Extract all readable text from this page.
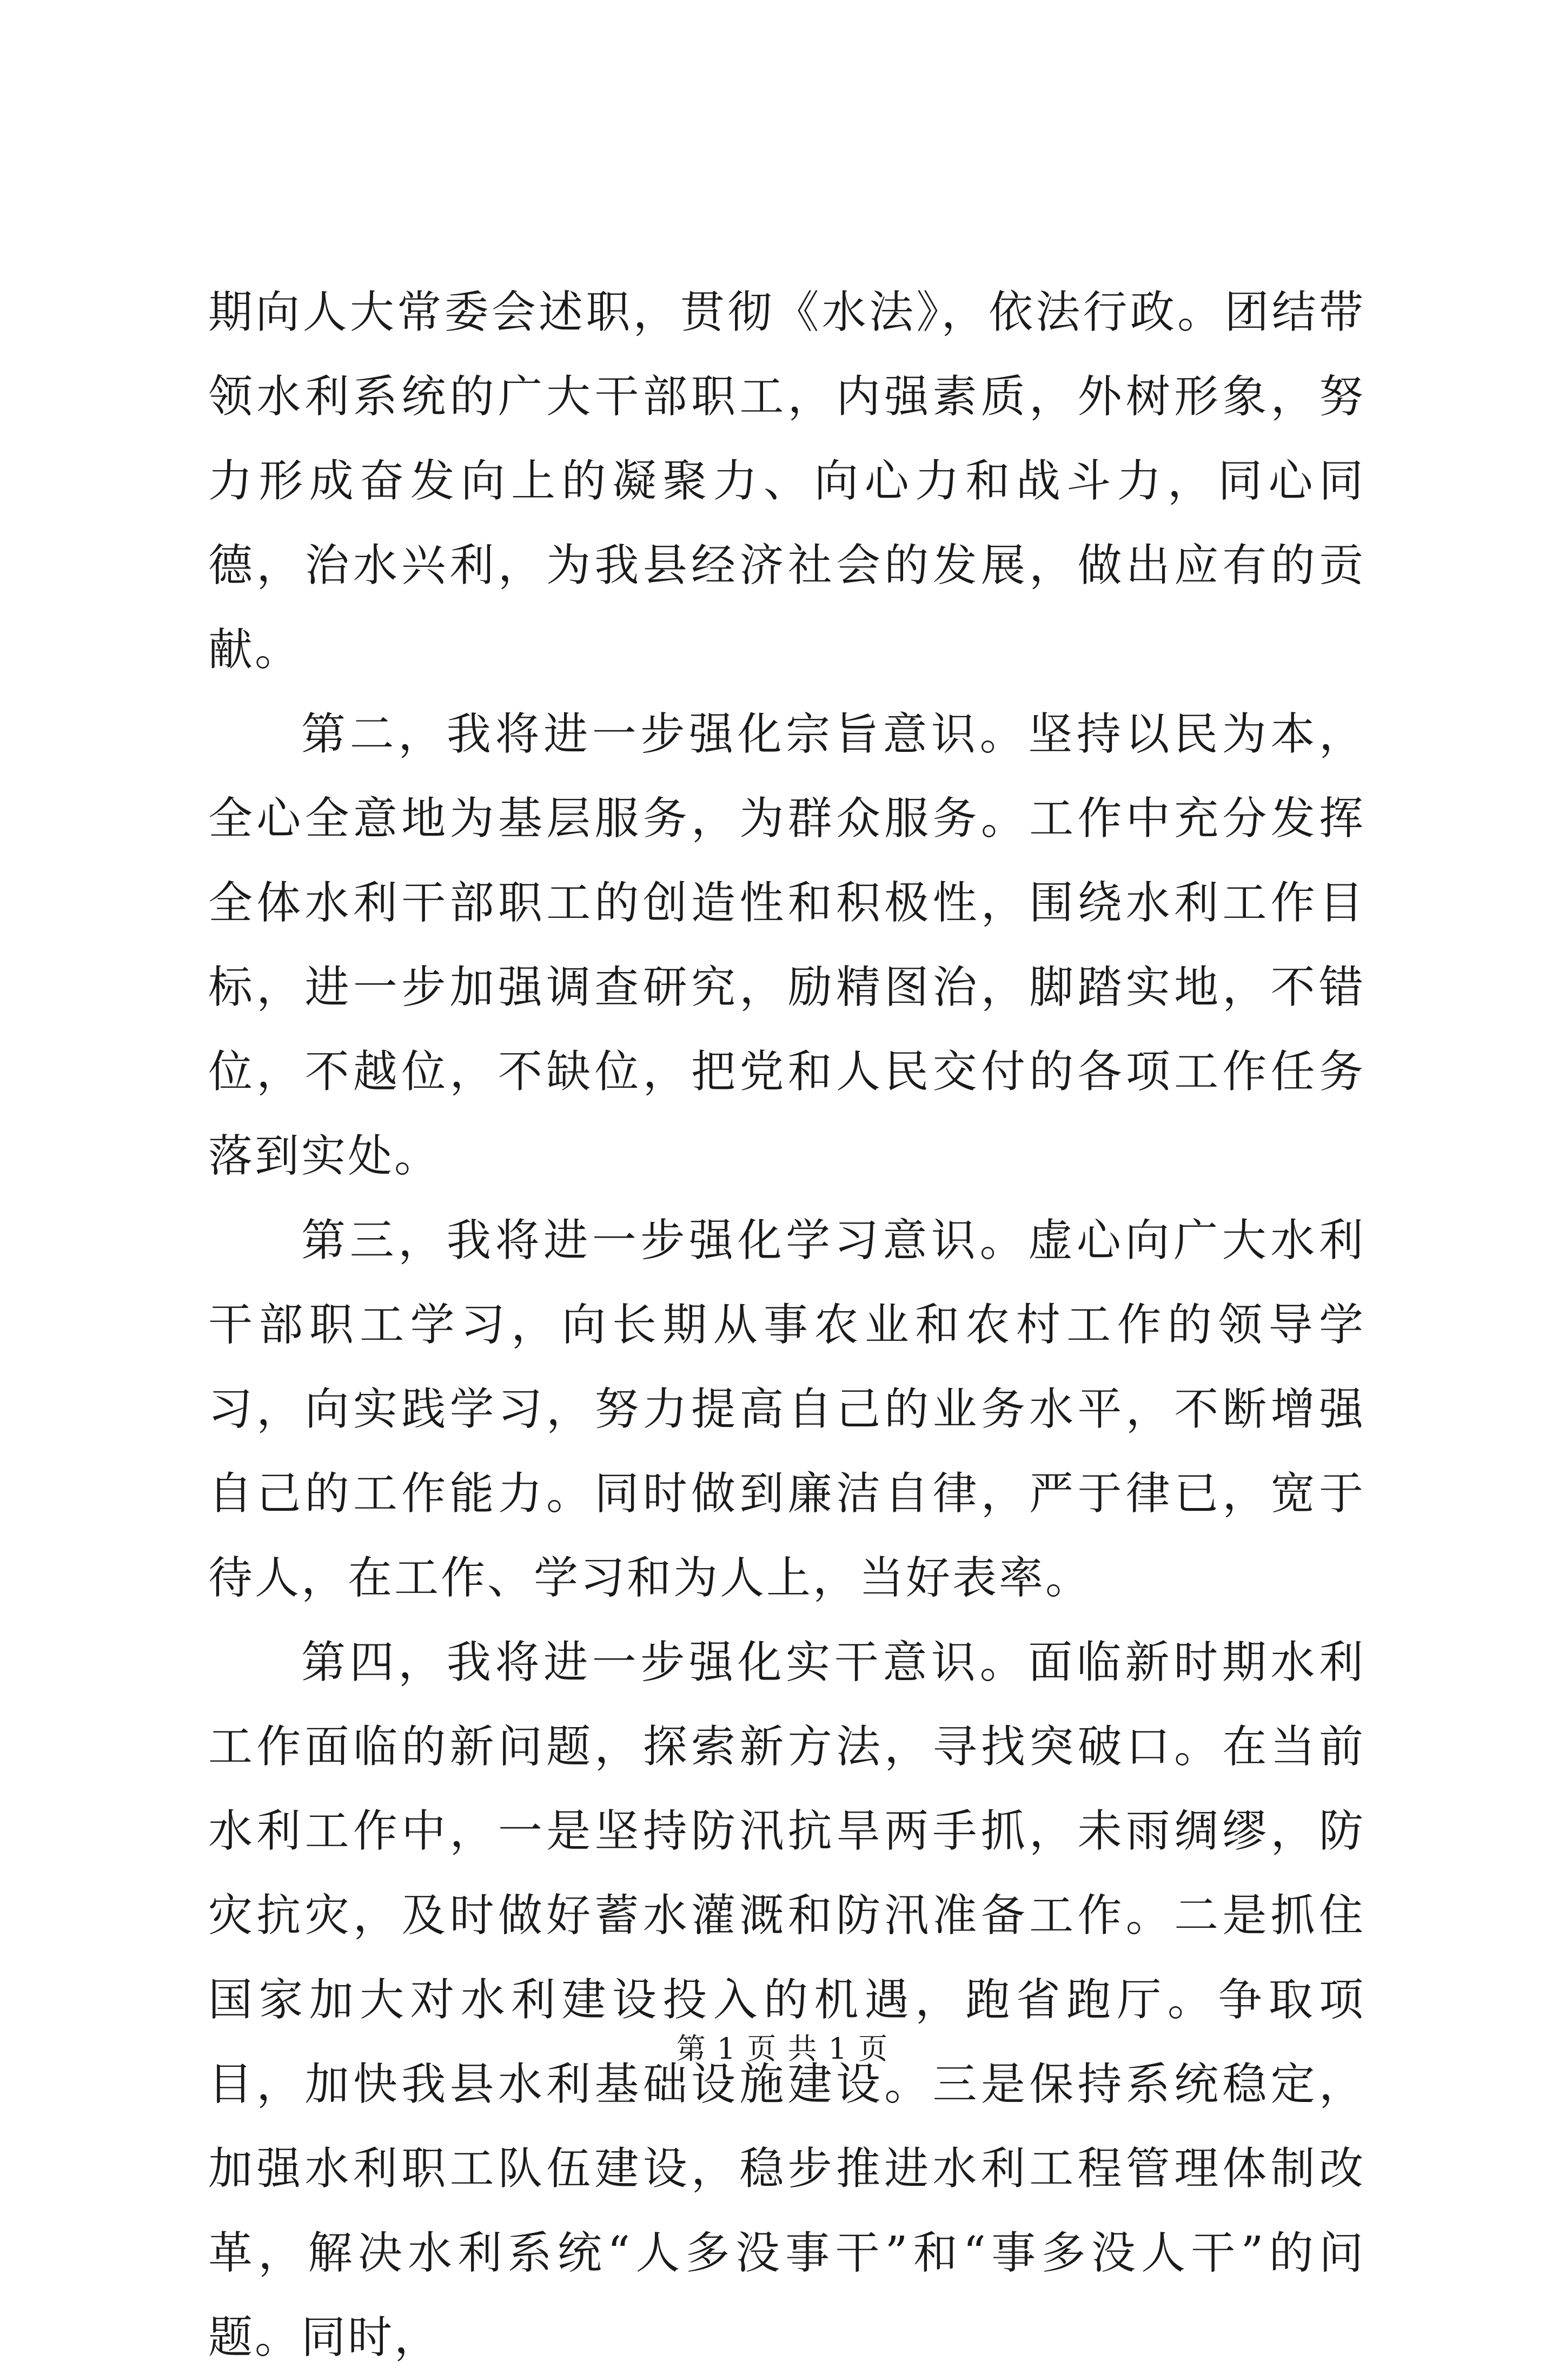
期向人大常委会述职，贯彻《水法》，依法行政。团结带领水利系统的广大干部职工，内强素质，外树形象，努力形成奋发向上的凝聚力、向心力和战斗力，同心同德，治水兴利，为我县经济社会的发展，做出应有的贡献。

第二，我将进一步强化宗旨意识。坚持以民为本，全心全意地为基层服务，为群众服务。工作中充分发挥全体水利干部职工的创造性和积极性，围绕水利工作目标，进一步加强调查研究，励精图治，脚踏实地，不错位，不越位，不缺位，把党和人民交付的各项工作任务落到实处。

第三，我将进一步强化学习意识。虚心向广大水利干部职工学习，向长期从事农业和农村工作的领导学习，向实践学习，努力提高自己的业务水平，不断增强自己的工作能力。同时做到廉洁自律，严于律已，宽于待人，在工作、学习和为人上，当好表率。

第四，我将进一步强化实干意识。面临新时期水利工作面临的新问题，探索新方法，寻找突破口。在当前水利工作中，一是坚持防汛抗旱两手抓，未雨绸缪，防灾抗灾，及时做好蓄水灌溉和防汛准备工作。二是抓住国家加大对水利建设投入的机遇，跑省跑厅。争取项目，加快我县水利基础设施建设。三是保持系统稳定，加强水利职工队伍建设，稳步推进水利工程管理体制改革，解决水利系统“人多没事干”和“事多没人干”的问题。同时，

第 1 页 共 1 页
